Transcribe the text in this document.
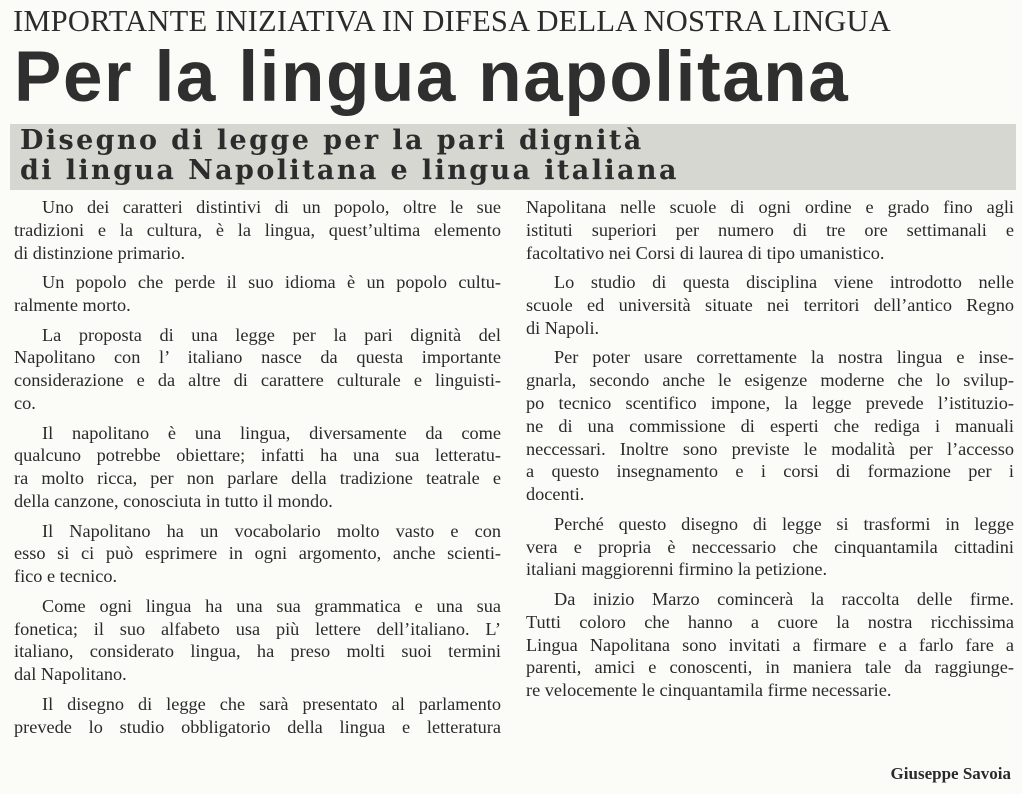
IMPORTANTE INIZIATIVA IN DIFESA DELLA NOSTRA LINGUA
Per la lingua napolitana
Disegno di legge per la pari dignità
di lingua Napolitana e lingua italiana
Uno dei caratteri distintivi di un popolo, oltre le sue
tradizioni e la cultura, è la lingua, quest’ultima elemento
di distinzione primario.
Un popolo che perde il suo idioma è un popolo cultu-
ralmente morto.
La proposta di una legge per la pari dignità del
Napolitano con l’ italiano nasce da questa importante
considerazione e da altre di carattere culturale e linguisti-
co.
Il napolitano è una lingua, diversamente da come
qualcuno potrebbe obiettare; infatti ha una sua letteratu-
ra molto ricca, per non parlare della tradizione teatrale e
della canzone, conosciuta in tutto il mondo.
Il Napolitano ha un vocabolario molto vasto e con
esso si ci può esprimere in ogni argomento, anche scienti-
fico e tecnico.
Come ogni lingua ha una sua grammatica e una sua
fonetica; il suo alfabeto usa più lettere dell’italiano. L’
italiano, considerato lingua, ha preso molti suoi termini
dal Napolitano.
Il disegno di legge che sarà presentato al parlamento
prevede lo studio obbligatorio della lingua e letteratura
Napolitana nelle scuole di ogni ordine e grado fino agli
istituti superiori per numero di tre ore settimanali e
facoltativo nei Corsi di laurea di tipo umanistico.
Lo studio di questa disciplina viene introdotto nelle
scuole ed università situate nei territori dell’antico Regno
di Napoli.
Per poter usare correttamente la nostra lingua e inse-
gnarla, secondo anche le esigenze moderne che lo svilup-
po tecnico scentifico impone, la legge prevede l’istituzio-
ne di una commissione di esperti che rediga i manuali
neccessari. Inoltre sono previste le modalità per l’accesso
a questo insegnamento e i corsi di formazione per i
docenti.
Perché questo disegno di legge si trasformi in legge
vera e propria è neccessario che cinquantamila cittadini
italiani maggiorenni firmino la petizione.
Da inizio Marzo comincerà la raccolta delle firme.
Tutti coloro che hanno a cuore la nostra ricchissima
Lingua Napolitana sono invitati a firmare e a farlo fare a
parenti, amici e conoscenti, in maniera tale da raggiunge-
re velocemente le cinquantamila firme necessarie.
Giuseppe Savoia
